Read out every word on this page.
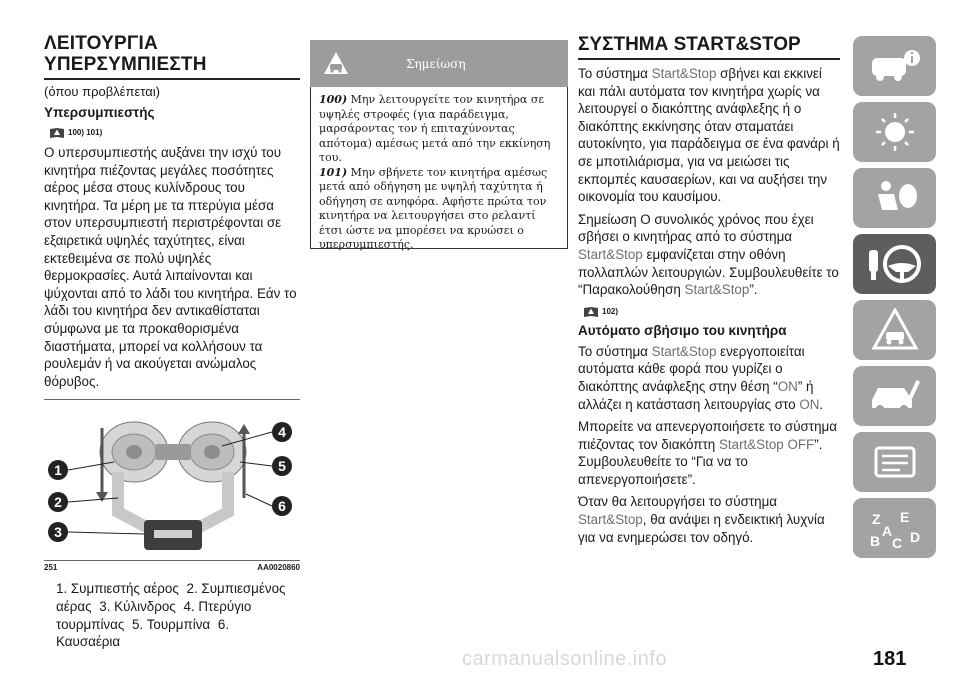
ΛΕΙΤΟΥΡΓΙΑ
ΥΠΕΡΣΥΜΠΙΕΣΤΗ
(όπου προβλέπεται)
Υπερσυμπιεστής
100) 101)
Ο υπερσυμπιεστής αυξάνει την ισχύ του κινητήρα πιέζοντας μεγάλες ποσότητες αέρος μέσα στους κυλίνδρους του κινητήρα. Τα μέρη με τα πτερύγια μέσα στον υπερσυμπιεστή περιστρέφονται σε εξαιρετικά υψηλές ταχύτητες, είναι εκτεθειμένα σε πολύ υψηλές θερμοκρασίες. Αυτά λιπαίνονται και ψύχονται από το λάδι του κινητήρα. Εάν το λάδι του κινητήρα δεν αντικαθίσταται σύμφωνα με τα προκαθορισμένα διαστήματα, μπορεί να κολλήσουν τα ρουλεμάν ή να ακούγεται ανώμαλος θόρυβος.
1
2
3
4
5
6
251	AA0020860
1. Συμπιεστής αέρος 2. Συμπιεσμένος αέρας 3. Κύλινδρος 4. Πτερύγιο τουρμπίνας 5. Τουρμπίνα 6. Καυσαέρια
Σημείωση
100) Μην λειτουργείτε τον κινητήρα σε υψηλές στροφές (για παράδειγμα, μαρσάροντας τον ή επιταχύνοντας απότομα) αμέσως μετά από την εκκίνηση του.
101) Μην σβήνετε τον κινητήρα αμέσως μετά από οδήγηση με υψηλή ταχύτητα ή οδήγηση σε ανηφόρα. Αφήστε πρώτα τον κινητήρα να λειτουργήσει στο ρελαντί έτσι ώστε να μπορέσει να κρυώσει ο υπερσυμπιεστής.
ΣΥΣΤΗΜΑ START&STOP
Το σύστημα Start&Stop σβήνει και εκκινεί και πάλι αυτόματα τον κινητήρα χωρίς να λειτουργεί ο διακόπτης ανάφλεξης ή ο διακόπτης εκκίνησης όταν σταματάει αυτοκίνητο, για παράδειγμα σε ένα φανάρι ή σε μποτιλιάρισμα, για να μειώσει τις εκπομπές καυσαερίων, και να αυξήσει την οικονομία του καυσίμου.
Σημείωση Ο συνολικός χρόνος που έχει σβήσει ο κινητήρας από το σύστημα Start&Stop εμφανίζεται στην οθόνη πολλαπλών λειτουργιών. Συμβουλευθείτε το “Παρακολούθηση Start&Stop”.
102)
Αυτόματο σβήσιμο του κινητήρα
Το σύστημα Start&Stop ενεργοποιείται αυτόματα κάθε φορά που γυρίζει ο διακόπτης ανάφλεξης στην θέση “ON” ή αλλάζει η κατάσταση λειτουργίας στο ON.
Μπορείτε να απενεργοποιήσετε το σύστημα πιέζοντας τον διακόπτη Start&Stop OFF”. Συμβουλευθείτε το “Για να το απενεργοποιήσετε”.
Όταν θα λειτουργήσει το σύστημα Start&Stop, θα ανάψει η ενδεικτική λυχνία για να ενημερώσει τον οδηγό.
Z E
A
B C D
carmanualsonline.info	181
